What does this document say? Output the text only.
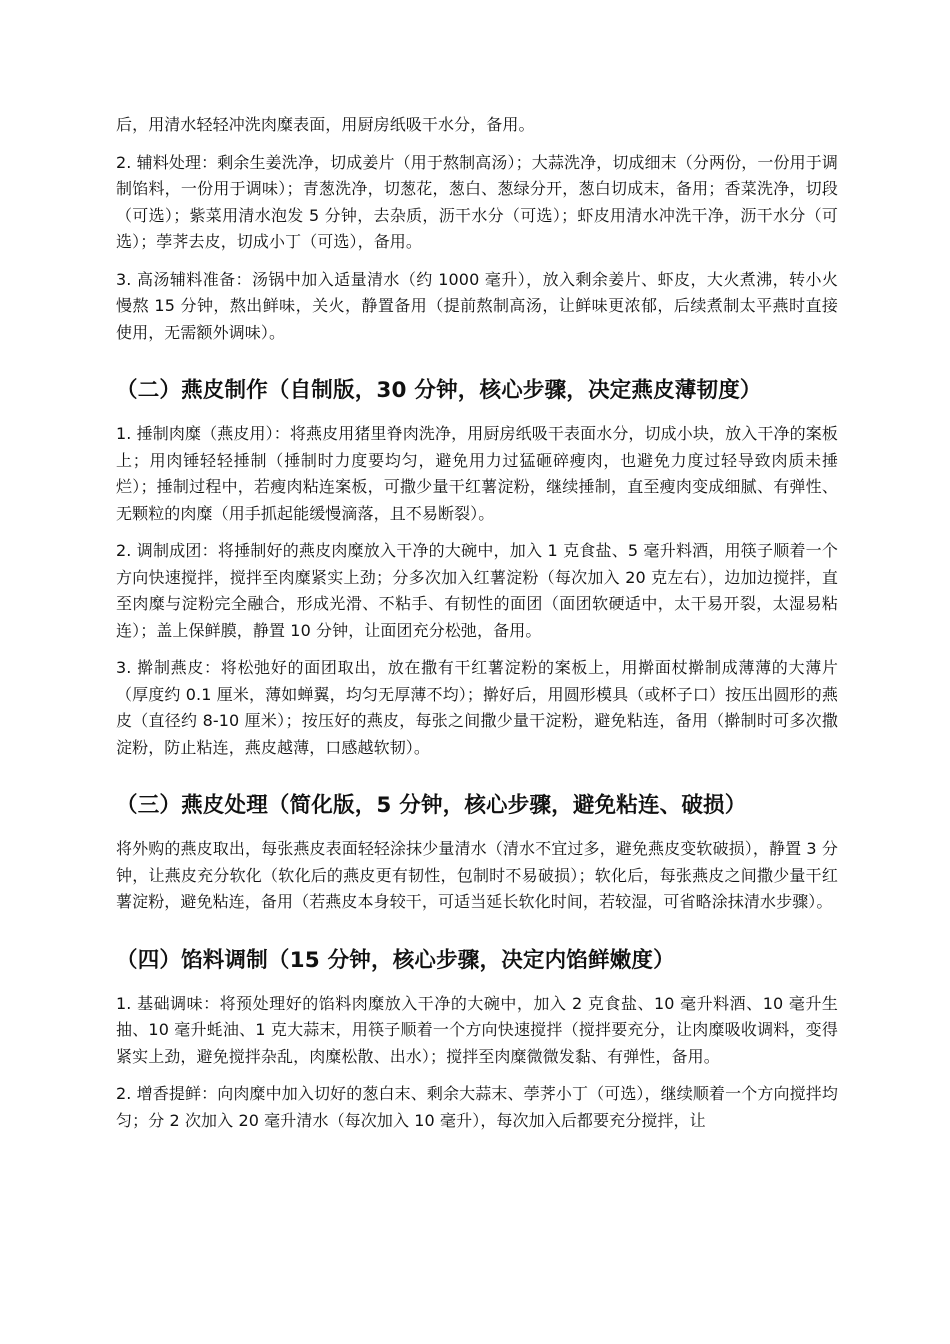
后，用清水轻轻冲洗肉糜表面，用厨房纸吸干水分，备用。

2. 辅料处理：剩余生姜洗净，切成姜片（用于熬制高汤）；大蒜洗净，切成细末（分两份，一份用于调制馅料，一份用于调味）；青葱洗净，切葱花，葱白、葱绿分开，葱白切成末，备用；香菜洗净，切段（可选）；紫菜用清水泡发 5 分钟，去杂质，沥干水分（可选）；虾皮用清水冲洗干净，沥干水分（可选）；荸荠去皮，切成小丁（可选），备用。

3. 高汤辅料准备：汤锅中加入适量清水（约 1000 毫升），放入剩余姜片、虾皮，大火煮沸，转小火慢熬 15 分钟，熬出鲜味，关火，静置备用（提前熬制高汤，让鲜味更浓郁，后续煮制太平燕时直接使用，无需额外调味）。

（二）燕皮制作（自制版，30 分钟，核心步骤，决定燕皮薄韧度）

1. 捶制肉糜（燕皮用）：将燕皮用猪里脊肉洗净，用厨房纸吸干表面水分，切成小块，放入干净的案板上；用肉锤轻轻捶制（捶制时力度要均匀，避免用力过猛砸碎瘦肉，也避免力度过轻导致肉质未捶烂）；捶制过程中，若瘦肉粘连案板，可撒少量干红薯淀粉，继续捶制，直至瘦肉变成细腻、有弹性、无颗粒的肉糜（用手抓起能缓慢滴落，且不易断裂）。

2. 调制成团：将捶制好的燕皮肉糜放入干净的大碗中，加入 1 克食盐、5 毫升料酒，用筷子顺着一个方向快速搅拌，搅拌至肉糜紧实上劲；分多次加入红薯淀粉（每次加入 20 克左右），边加边搅拌，直至肉糜与淀粉完全融合，形成光滑、不粘手、有韧性的面团（面团软硬适中，太干易开裂，太湿易粘连）；盖上保鲜膜，静置 10 分钟，让面团充分松弛，备用。

3. 擀制燕皮：将松弛好的面团取出，放在撒有干红薯淀粉的案板上，用擀面杖擀制成薄薄的大薄片（厚度约 0.1 厘米，薄如蝉翼，均匀无厚薄不均）；擀好后，用圆形模具（或杯子口）按压出圆形的燕皮（直径约 8-10 厘米）；按压好的燕皮，每张之间撒少量干淀粉，避免粘连，备用（擀制时可多次撒淀粉，防止粘连，燕皮越薄，口感越软韧）。

（三）燕皮处理（简化版，5 分钟，核心步骤，避免粘连、破损）

将外购的燕皮取出，每张燕皮表面轻轻涂抹少量清水（清水不宜过多，避免燕皮变软破损），静置 3 分钟，让燕皮充分软化（软化后的燕皮更有韧性，包制时不易破损）；软化后，每张燕皮之间撒少量干红薯淀粉，避免粘连，备用（若燕皮本身较干，可适当延长软化时间，若较湿，可省略涂抹清水步骤）。

（四）馅料调制（15 分钟，核心步骤，决定内馅鲜嫩度）

1. 基础调味：将预处理好的馅料肉糜放入干净的大碗中，加入 2 克食盐、10 毫升料酒、10 毫升生抽、10 毫升蚝油、1 克大蒜末，用筷子顺着一个方向快速搅拌（搅拌要充分，让肉糜吸收调料，变得紧实上劲，避免搅拌杂乱，肉糜松散、出水）；搅拌至肉糜微微发黏、有弹性，备用。

2. 增香提鲜：向肉糜中加入切好的葱白末、剩余大蒜末、荸荠小丁（可选），继续顺着一个方向搅拌均匀；分 2 次加入 20 毫升清水（每次加入 10 毫升），每次加入后都要充分搅拌，让
